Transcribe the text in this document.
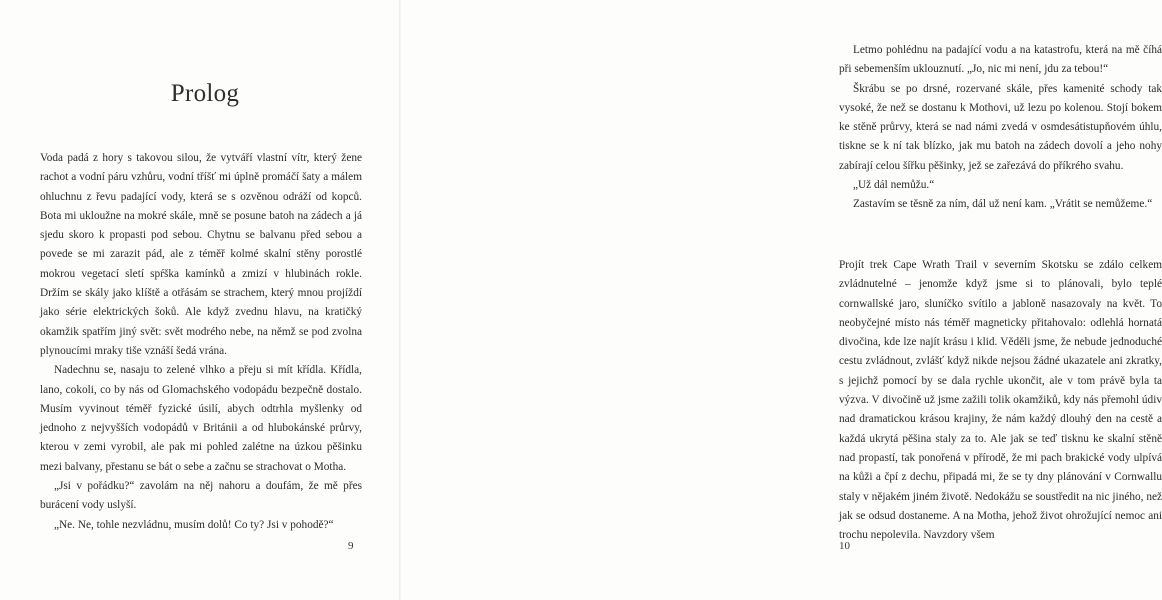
Prolog

Voda padá z hory s takovou silou, že vytváří vlastní vítr, který žene rachot a vodní páru vzhůru, vodní tříšť mi úplně promáčí šaty a málem ohluchnu z řevu padající vody, která se s ozvěnou odráží od kopců. Bota mi ukloužne na mokré skále, mně se posune batoh na zádech a já sjedu skoro k propasti pod sebou. Chytnu se balvanu před sebou a povede se mi zarazit pád, ale z téměř kolmé skalní stěny porostlé mokrou vegetací sletí spŕška kamínků a zmizí v hlubinách rokle. Držím se skály jako klíště a otřásám se strachem, který mnou projíždí jako série elektrických šoků. Ale když zvednu hlavu, na kratičký okamžik spatřím jiný svět: svět modrého nebe, na němž se pod zvolna plynoucími mraky tiše vznáší šedá vrána.

Nadechnu se, nasaju to zelené vlhko a přeju si mít křídla. Křídla, lano, cokoli, co by nás od Glomachského vodopádu bezpečně dostalo. Musím vyvinout téměř fyzické úsilí, abych odtrhla myšlenky od jednoho z nejvyšších vodopádů v Británii a od hlubokánské průrvy, kterou v zemi vyrobil, ale pak mi pohled zalétne na úzkou pěšinku mezi balvany, přestanu se bát o sebe a začnu se strachovat o Motha.

„Jsi v pořádku?“ zavolám na něj nahoru a doufám, že mě přes burácení vody uslyší.

„Ne. Ne, tohle nezvládnu, musím dolů! Co ty? Jsi v pohodě?“

9

Letmo pohlédnu na padající vodu a na katastrofu, která na mě číhá při sebemenším uklouznutí. „Jo, nic mi není, jdu za tebou!“

Škrábu se po drsné, rozervané skále, přes kamenité schody tak vysoké, že než se dostanu k Mothovi, už lezu po kolenou. Stojí bokem ke stěně průrvy, která se nad námi zvedá v osmdesátistupňovém úhlu, tiskne se k ní tak blízko, jak mu batoh na zádech dovolí a jeho nohy zabírají celou šířku pěšinky, jež se zařezává do příkrého svahu.

„Už dál nemůžu.“

Zastavím se těsně za ním, dál už není kam. „Vrátit se nemůžeme.“

Projít trek Cape Wrath Trail v severním Skotsku se zdálo celkem zvládnutelné – jenomže když jsme si to plánovali, bylo teplé cornwallské jaro, sluníčko svítilo a jabloně nasazovaly na květ. To neobyčejné místo nás téměř magneticky přitahovalo: odlehlá hornatá divočina, kde lze najít krásu i klid. Věděli jsme, že nebude jednoduché cestu zvládnout, zvlášť když nikde nejsou žádné ukazatele ani zkratky, s jejichž pomocí by se dala rychle ukončit, ale v tom právě byla ta výzva. V divočině už jsme zažili tolik okamžiků, kdy nás přemohl údiv nad dramatickou krásou krajiny, že nám každý dlouhý den na cestě a každá ukrytá pěšina staly za to. Ale jak se teď tisknu ke skalní stěně nad propastí, tak ponořená v přírodě, že mi pach brakické vody ulpívá na kůži a čpí z dechu, připadá mi, že se ty dny plánování v Cornwallu staly v nějakém jiném životě. Nedokážu se soustředit na nic jiného, než jak se odsud dostaneme. A na Motha, jehož život ohrožující nemoc ani trochu nepolevila. Navzdory všem

10
